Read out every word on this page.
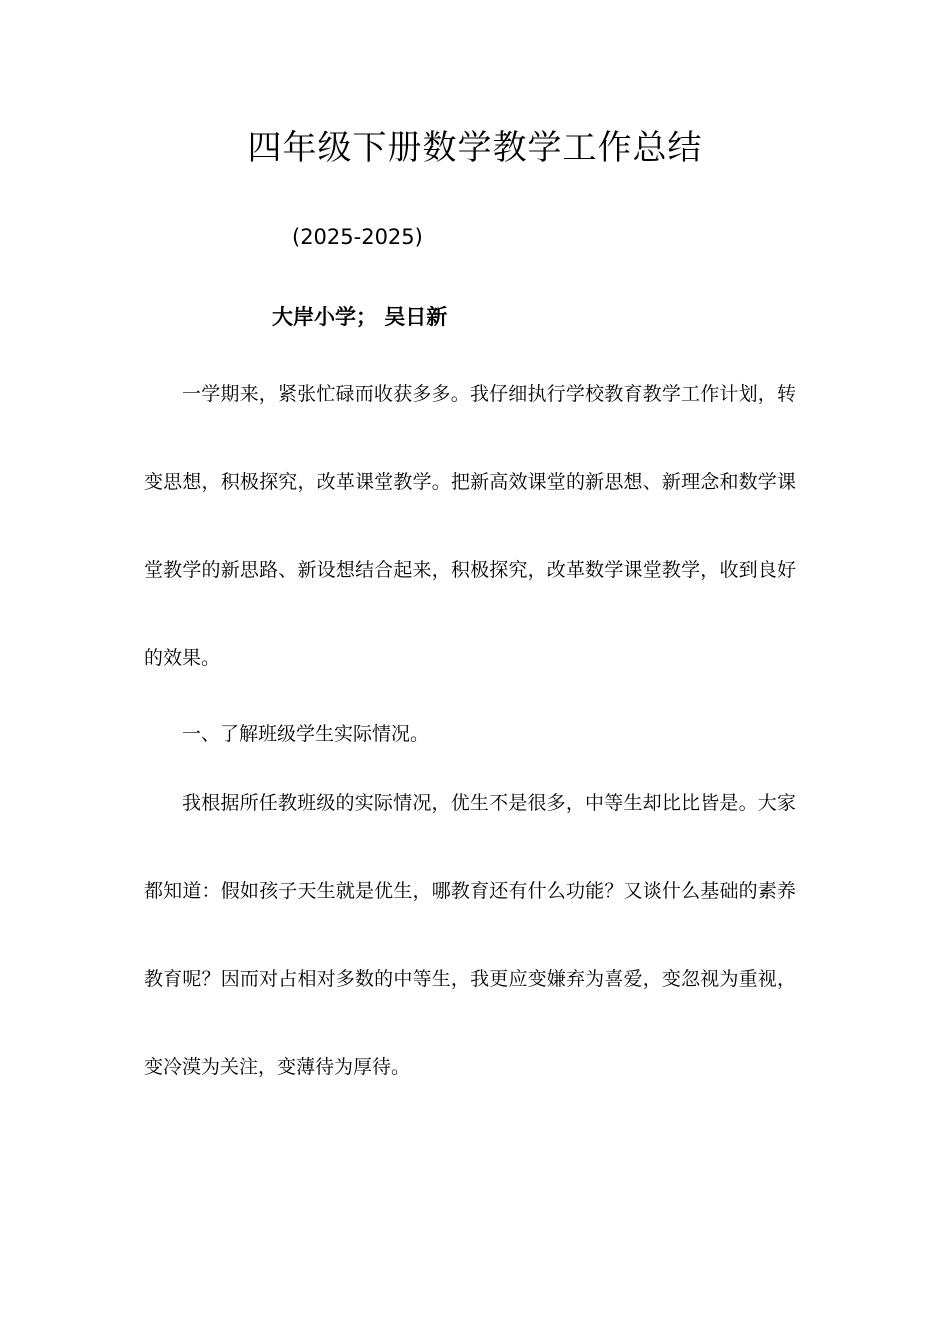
四年级下册数学教学工作总结
(2025-2025)
大岸小学； 吴日新

一学期来，紧张忙碌而收获多多。我仔细执行学校教育教学工作计划，转变思想，积极探究，改革课堂教学。把新高效课堂的新思想、新理念和数学课堂教学的新思路、新设想结合起来，积极探究，改革数学课堂教学，收到良好的效果。

一、了解班级学生实际情况。

我根据所任教班级的实际情况，优生不是很多，中等生却比比皆是。大家都知道：假如孩子天生就是优生，哪教育还有什么功能？又谈什么基础的素养教育呢？因而对占相对多数的中等生，我更应变嫌弃为喜爱，变忽视为重视，变冷漠为关注，变薄待为厚待。
